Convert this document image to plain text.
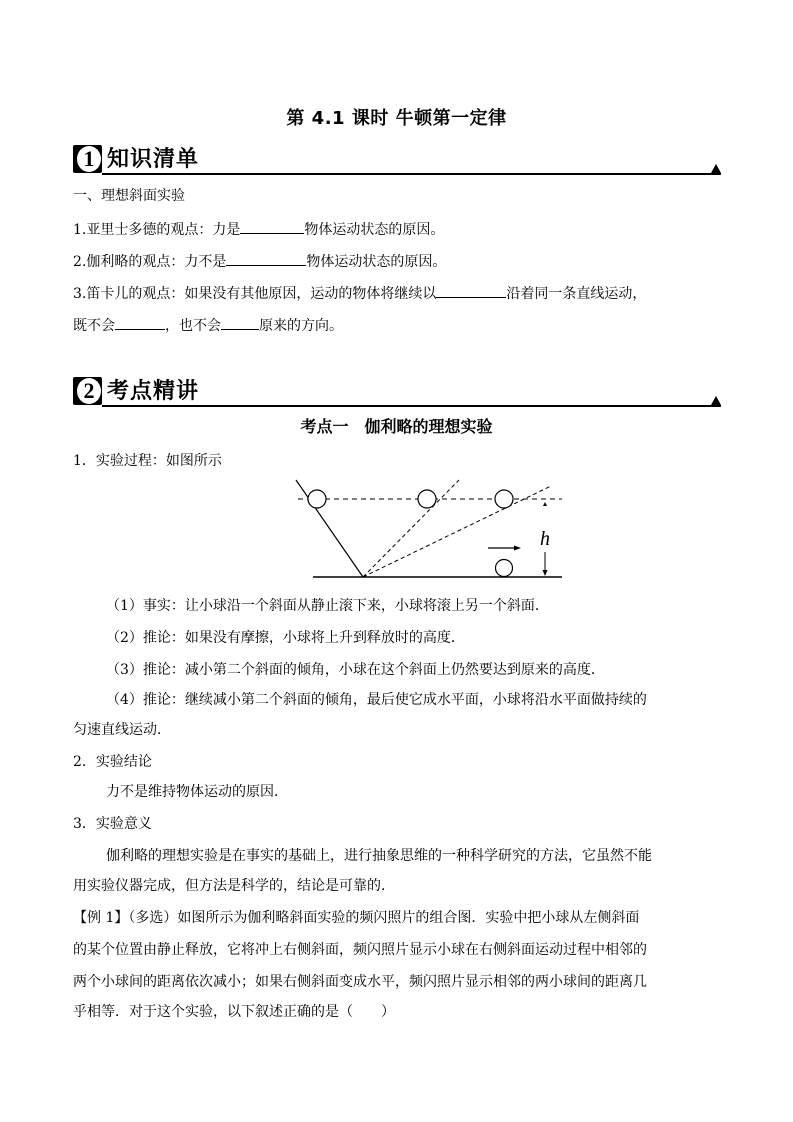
第 4.1 课时 牛顿第一定律
1 知识清单
一、理想斜面实验
1.亚里士多德的观点：力是	物体运动状态的原因。
2.伽利略的观点：力不是	物体运动状态的原因。
3.笛卡儿的观点：如果没有其他原因，运动的物体将继续以	沿着同一条直线运动，
既不会	，也不会	原来的方向。
2 考点精讲
考点一　伽利略的理想实验
1．实验过程：如图所示
h
（1）事实：让小球沿一个斜面从静止滚下来，小球将滚上另一个斜面．
（2）推论：如果没有摩擦，小球将上升到释放时的高度．
（3）推论：减小第二个斜面的倾角，小球在这个斜面上仍然要达到原来的高度．
（4）推论：继续减小第二个斜面的倾角，最后使它成水平面，小球将沿水平面做持续的
匀速直线运动．
2．实验结论
力不是维持物体运动的原因．
3．实验意义
伽利略的理想实验是在事实的基础上，进行抽象思维的一种科学研究的方法，它虽然不能
用实验仪器完成，但方法是科学的，结论是可靠的．
【例 1】（多选）如图所示为伽利略斜面实验的频闪照片的组合图．实验中把小球从左侧斜面
的某个位置由静止释放，它将冲上右侧斜面，频闪照片显示小球在右侧斜面运动过程中相邻的
两个小球间的距离依次减小；如果右侧斜面变成水平，频闪照片显示相邻的两小球间的距离几
乎相等．对于这个实验，以下叙述正确的是（　　）
